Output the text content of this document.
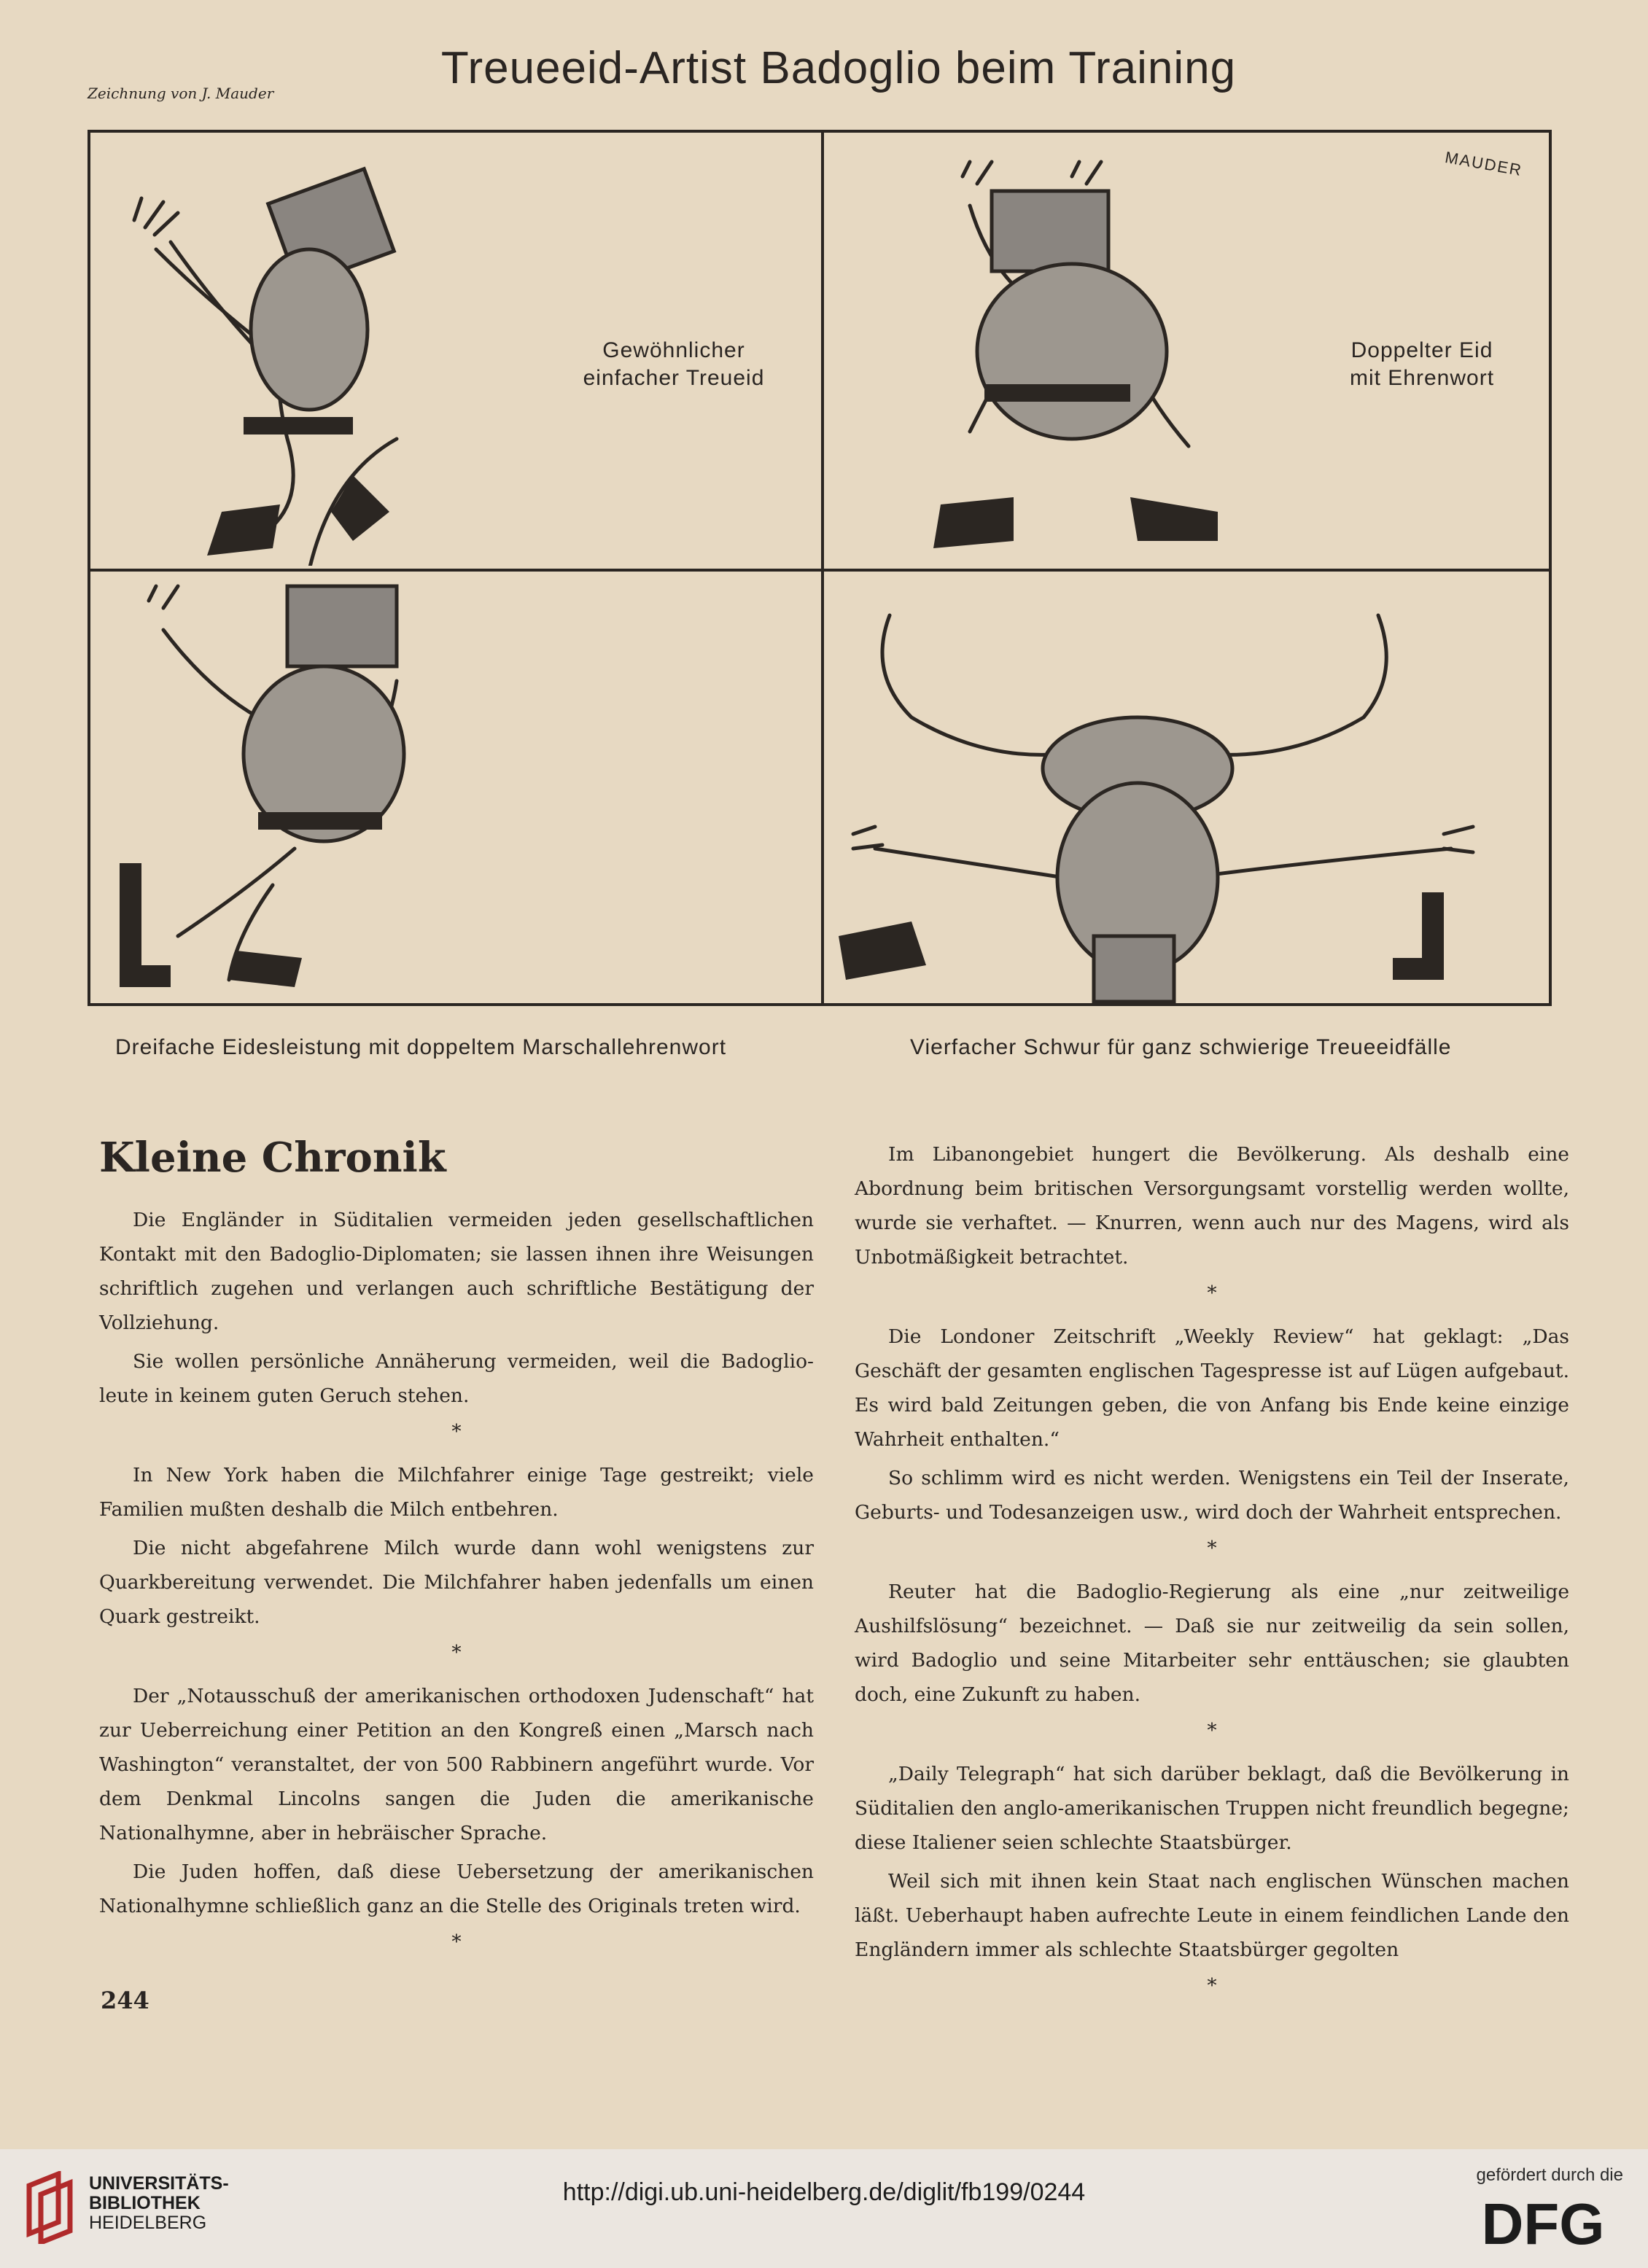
Zeichnung von J. Mauder	Treueeid-Artist Badoglio beim Training
Gewöhnlicher
einfacher Treueid
MAUDER
Doppelter Eid
mit Ehrenwort
Dreifache Eidesleistung mit doppeltem Marschallehrenwort	Vierfacher Schwur für ganz schwierige Treueeidfälle
Kleine Chronik

Die Engländer in Süditalien vermeiden jeden gesellschaftlichen Kontakt mit den Badoglio-Diplomaten; sie lassen ihnen ihre Weisungen schriftlich zugehen und verlangen auch schriftliche Bestätigung der Vollziehung.

Sie wollen persönliche Annäherung vermeiden, weil die Badoglio-leute in keinem guten Geruch stehen.

*

In New York haben die Milchfahrer einige Tage gestreikt; viele Familien mußten deshalb die Milch entbehren.

Die nicht abgefahrene Milch wurde dann wohl wenigstens zur Quarkbereitung verwendet. Die Milchfahrer haben jedenfalls um einen Quark gestreikt.

*

Der „Notausschuß der amerikanischen orthodoxen Judenschaft“ hat zur Ueberreichung einer Petition an den Kongreß einen „Marsch nach Washington“ veranstaltet, der von 500 Rabbinern angeführt wurde. Vor dem Denkmal Lincolns sangen die Juden die amerikanische Nationalhymne, aber in hebräischer Sprache.

Die Juden hoffen, daß diese Uebersetzung der amerikanischen Nationalhymne schließlich ganz an die Stelle des Originals treten wird.

*

Im Libanongebiet hungert die Bevölkerung. Als deshalb eine Abordnung beim britischen Versorgungsamt vorstellig werden wollte, wurde sie verhaftet. — Knurren, wenn auch nur des Magens, wird als Unbotmäßigkeit betrachtet.

*

Die Londoner Zeitschrift „Weekly Review“ hat geklagt: „Das Geschäft der gesamten englischen Tagespresse ist auf Lügen aufgebaut. Es wird bald Zeitungen geben, die von Anfang bis Ende keine einzige Wahrheit enthalten.“

So schlimm wird es nicht werden. Wenigstens ein Teil der Inserate, Geburts- und Todesanzeigen usw., wird doch der Wahrheit entsprechen.

*

Reuter hat die Badoglio-Regierung als eine „nur zeitweilige Aushilfslösung“ bezeichnet. — Daß sie nur zeitweilig da sein sollen, wird Badoglio und seine Mitarbeiter sehr enttäuschen; sie glaubten doch, eine Zukunft zu haben.

*

„Daily Telegraph“ hat sich darüber beklagt, daß die Bevölkerung in Süditalien den anglo-amerikanischen Truppen nicht freundlich begegne; diese Italiener seien schlechte Staatsbürger.

Weil sich mit ihnen kein Staat nach englischen Wünschen machen läßt. Ueberhaupt haben aufrechte Leute in einem feindlichen Lande den Engländern immer als schlechte Staatsbürger gegolten

*

244
UNIVERSITÄTS-
BIBLIOTHEK
HEIDELBERG
http://digi.ub.uni-heidelberg.de/diglit/fb199/0244
gefördert durch die
DFG
